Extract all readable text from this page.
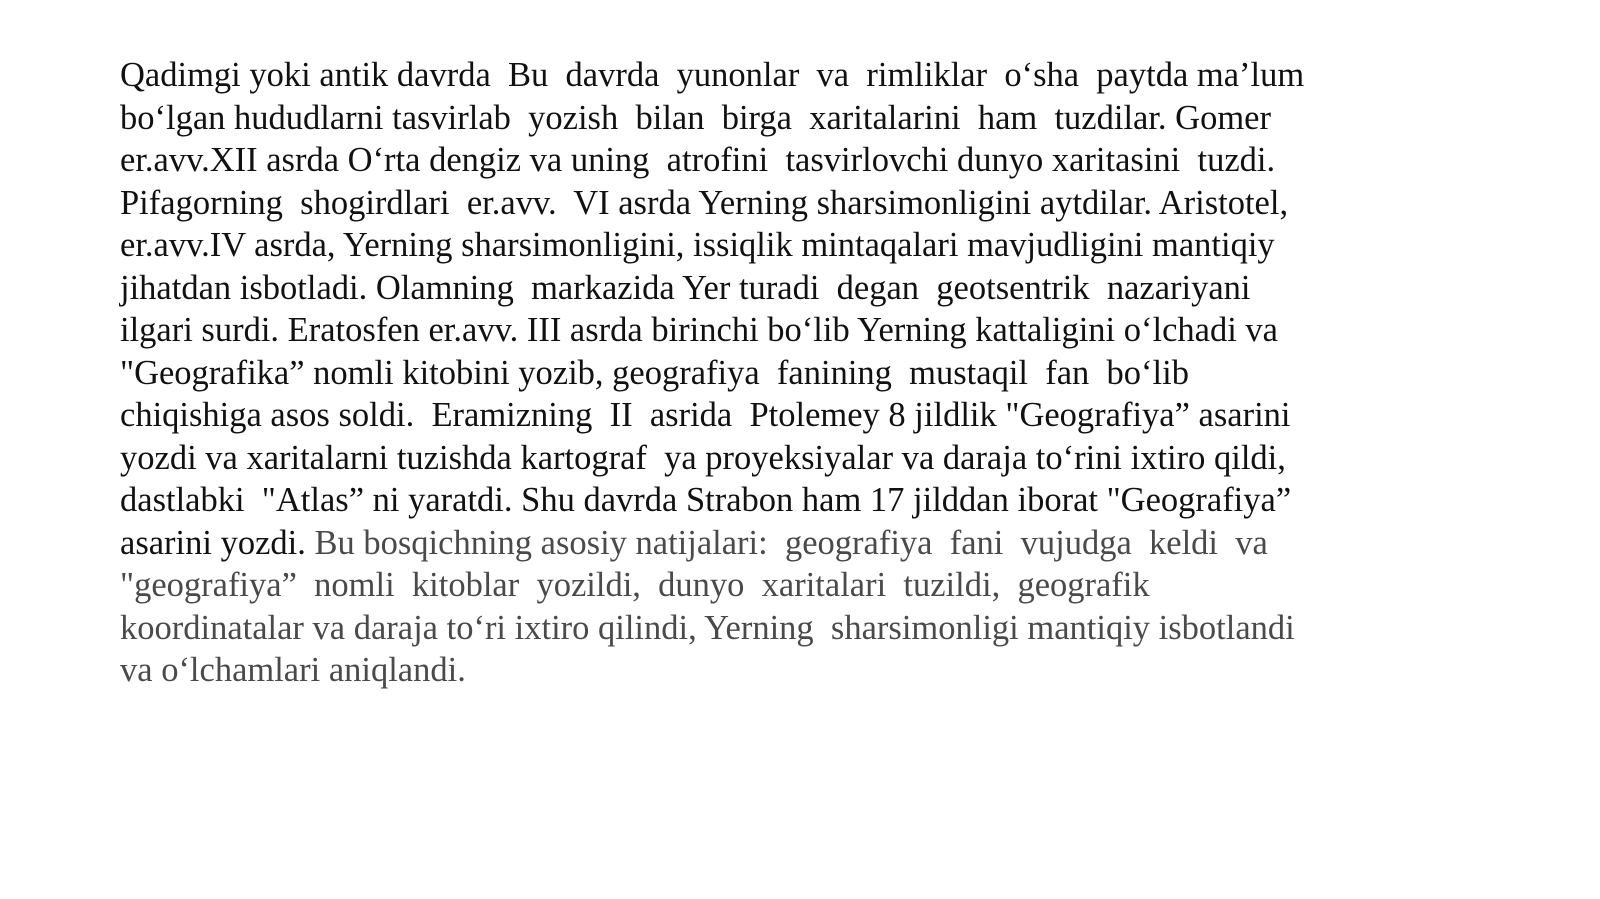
Qadimgi yoki antik davrda  Bu  davrda  yunonlar  va  rimliklar  o‘sha  paytda ma’lum
bo‘lgan hududlarni tasvirlab  yozish  bilan  birga  xaritalarini  ham  tuzdilar. Gomer
er.avv.XII asrda O‘rta dengiz va uning  atrofini  tasvirlovchi dunyo xaritasini  tuzdi.
Pifagorning  shogirdlari  er.avv.  VI asrda Yerning sharsimonligini aytdilar. Aristotel,
er.avv.IV asrda, Yerning sharsimonligini, issiqlik mintaqalari mavjudligini mantiqiy
jihatdan isbotladi. Olamning  markazida Yer turadi  degan  geotsentrik  nazariyani
ilgari surdi. Eratosfen er.avv. III asrda birinchi bo‘lib Yerning kattaligini o‘lchadi va
"Geografika” nomli kitobini yozib, geografiya  fanining  mustaqil  fan  bo‘lib
chiqishiga asos soldi.  Eramizning  II  asrida  Ptolemey 8 jildlik "Geografiya” asarini
yozdi va xaritalarni tuzishda kartograf  ya proyeksiyalar va daraja to‘rini ixtiro qildi,
dastlabki  "Atlas” ni yaratdi. Shu davrda Strabon ham 17 jilddan iborat "Geografiya”
asarini yozdi. Bu bosqichning asosiy natijalari:  geografiya  fani  vujudga  keldi  va
"geografiya”  nomli  kitoblar  yozildi,  dunyo  xaritalari  tuzildi,  geografik
koordinatalar va daraja to‘ri ixtiro qilindi, Yerning  sharsimonligi mantiqiy isbotlandi
va o‘lchamlari aniqlandi.
